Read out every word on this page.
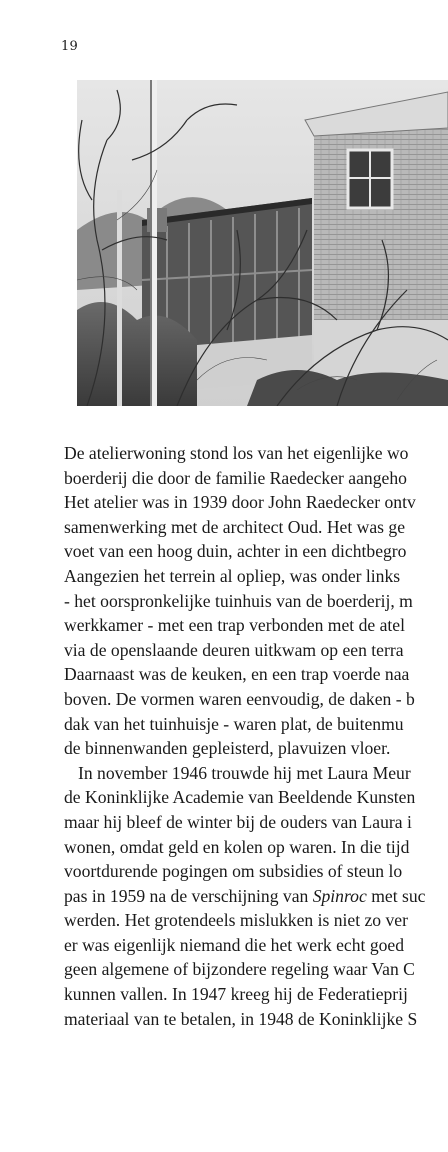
19
De atelierwoning stond los van het eigenlijke wo
boerderij die door de familie Raedecker aangeho
Het atelier was in 1939 door John Raedecker ontv
samenwerking met de architect Oud. Het was ge
voet van een hoog duin, achter in een dichtbegro
Aangezien het terrein al opliep, was onder links
- het oorspronkelijke tuinhuis van de boerderij, m
werkkamer - met een trap verbonden met de atel
via de openslaande deuren uitkwam op een terra
Daarnaast was de keuken, en een trap voerde naa
boven. De vormen waren eenvoudig, de daken - b
dak van het tuinhuisje - waren plat, de buitenmu
de binnenwanden gepleisterd, plavuizen vloer.
In november 1946 trouwde hij met Laura Meur
de Koninklijke Academie van Beeldende Kunsten
maar hij bleef de winter bij de ouders van Laura i
wonen, omdat geld en kolen op waren. In die tijd
voortdurende pogingen om subsidies of steun lo
pas in 1959 na de verschijning van Spinroc met suc
werden. Het grotendeels mislukken is niet zo ver
er was eigenlijk niemand die het werk echt goed
geen algemene of bijzondere regeling waar Van C
kunnen vallen. In 1947 kreeg hij de Federatieprij
materiaal van te betalen, in 1948 de Koninklijke S
